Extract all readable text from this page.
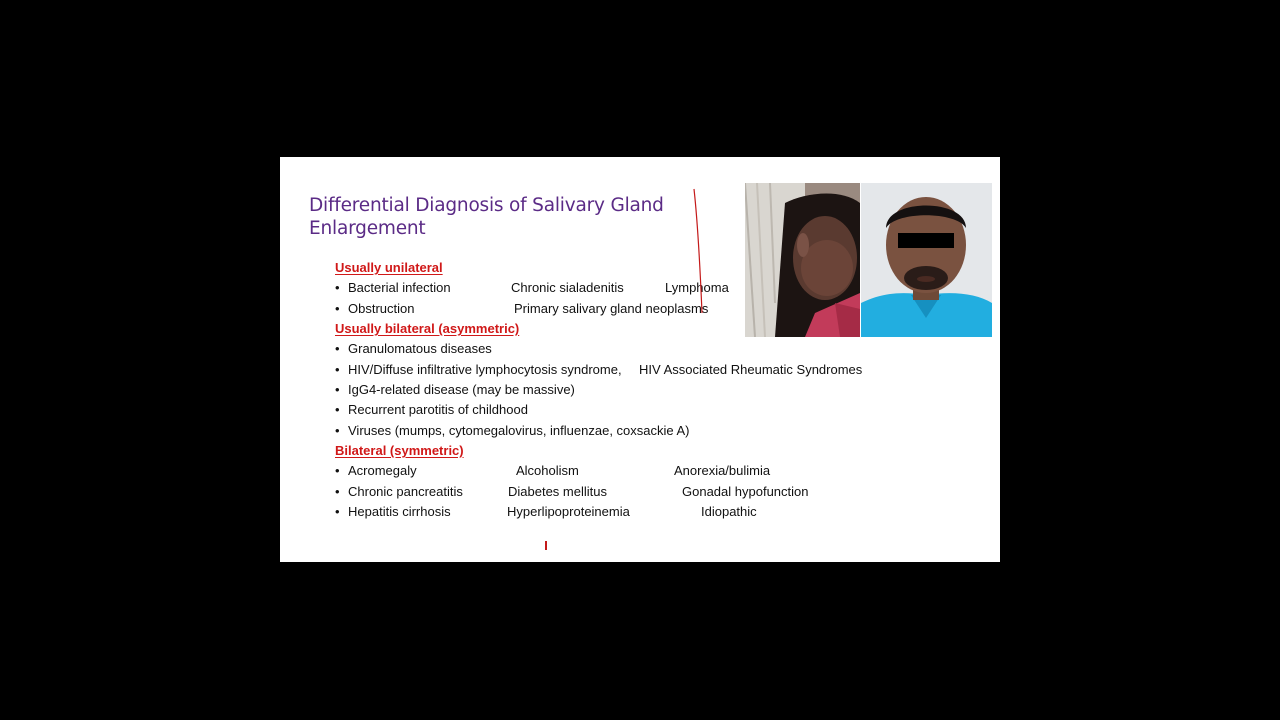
Differential Diagnosis of Salivary Gland Enlargement
Usually unilateral
• Bacterial infection	Chronic sialadenitis	Lymphoma
• Obstruction	Primary salivary gland neoplasms
Usually bilateral (asymmetric)
• Granulomatous diseases
• HIV/Diffuse infiltrative lymphocytosis syndrome, HIV Associated Rheumatic Syndromes
• IgG4-related disease (may be massive)
• Recurrent parotitis of childhood
• Viruses (mumps, cytomegalovirus, influenzae, coxsackie A)
Bilateral (symmetric)
• Acromegaly	Alcoholism	Anorexia/bulimia
• Chronic pancreatitis	Diabetes mellitus	Gonadal hypofunction
• Hepatitis cirrhosis	Hyperlipoproteinemia	Idiopathic
